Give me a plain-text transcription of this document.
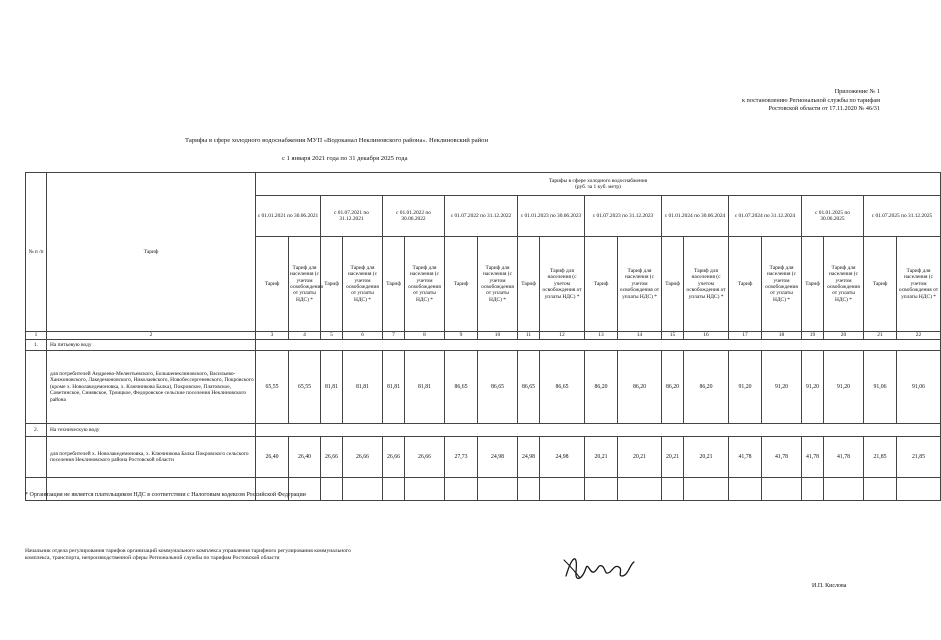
Приложение № 1
к постановлению Региональной службы по тарифам
Ростовской области от 17.11.2020 № 46/31
Тарифы в сфере холодного водоснабжения МУП «Водоканал Неклиновского района». Неклиновский район
с 1 января 2021 года по 31 декабря 2025 года
№ п /п	Тариф	Тарифы в сфере холодного водоснабжения
(руб. за 1 куб. метр)																			
		с 01.01.2021 по 30.06.2021		с 01.07.2021 по 31.12.2021		с 01.01.2022 по 30.06.2022		с 01.07.2022 по 31.12.2022		с 01.01.2023 по 30.06.2023		с 01.07.2023 по 31.12.2023		с 01.01.2024 по 30.06.2024		с 01.07.2024 по 31.12.2024		с 01.01.2025 по 30.06.2025		с 01.07.2025 по 31.12.2025	
		Тариф	Тариф для населения (с учетом освобождения от уплаты НДС) *	Тариф	Тариф для населения (с учетом освобождения от уплаты НДС) *	Тариф	Тариф для населения (с учетом освобождения от уплаты НДС) *	Тариф	Тариф для населения (с учетом освобождения от уплаты НДС) *	Тариф	Тариф для населения (с учетом освобождения от уплаты НДС) *	Тариф	Тариф для населения (с учетом освобождения от уплаты НДС) *	Тариф	Тариф для населения (с учетом освобождения от уплаты НДС) *	Тариф	Тариф для населения (с учетом освобождения от уплаты НДС) *	Тариф	Тариф для населения (с учетом освобождения от уплаты НДС) *	Тариф	Тариф для населения (с учетом освобождения от уплаты НДС) *
1	2	3	4	5	6	7	8	9	10	11	12	13	14	15	16	17	18	19	20	21	22
1.	На питьевую воду																				
	для потребителей Андреево-Мелентьевского, Большенеклиновского, Васильево-Ханжоновского, Лакедемоновского, Николаевского, Новобессергеневского, Покровского (кроме х. Новолакедемоновка, х. Ключникова Балка), Покровское, Платовское, Советинское, Синявское, Троицкое, Федоровское сельские поселения Неклиновского района	65,55	65,55	81,81	81,81	81,81	81,81	86,65	86,65	86,65	86,65	86,20	86,20	86,20	86,20	91,20	91,20	91,20	91,20	91,06	91,06
2.	На техническую воду																				
	для потребителей х. Новолакедемоновка, х. Ключникова Балка Покровского сельского поселения Неклиновского района Ростовской области	26,40	26,40	26,66	26,66	26,66	26,66	27,73	24,98	24,98	24,98	20,21	20,21	20,21	20,21	41,78	41,78	41,78	41,78	21,85	21,85

* Организация не является плательщиком НДС в соответствии с Налоговым кодексом Российской Федерации
Начальник отдела регулирования тарифов организаций коммунального комплекса управления тарифного регулирования коммунального комплекса, транспорта, непроизводственной сферы Региональной службы по тарифам Ростовской области
И.П. Кислова
